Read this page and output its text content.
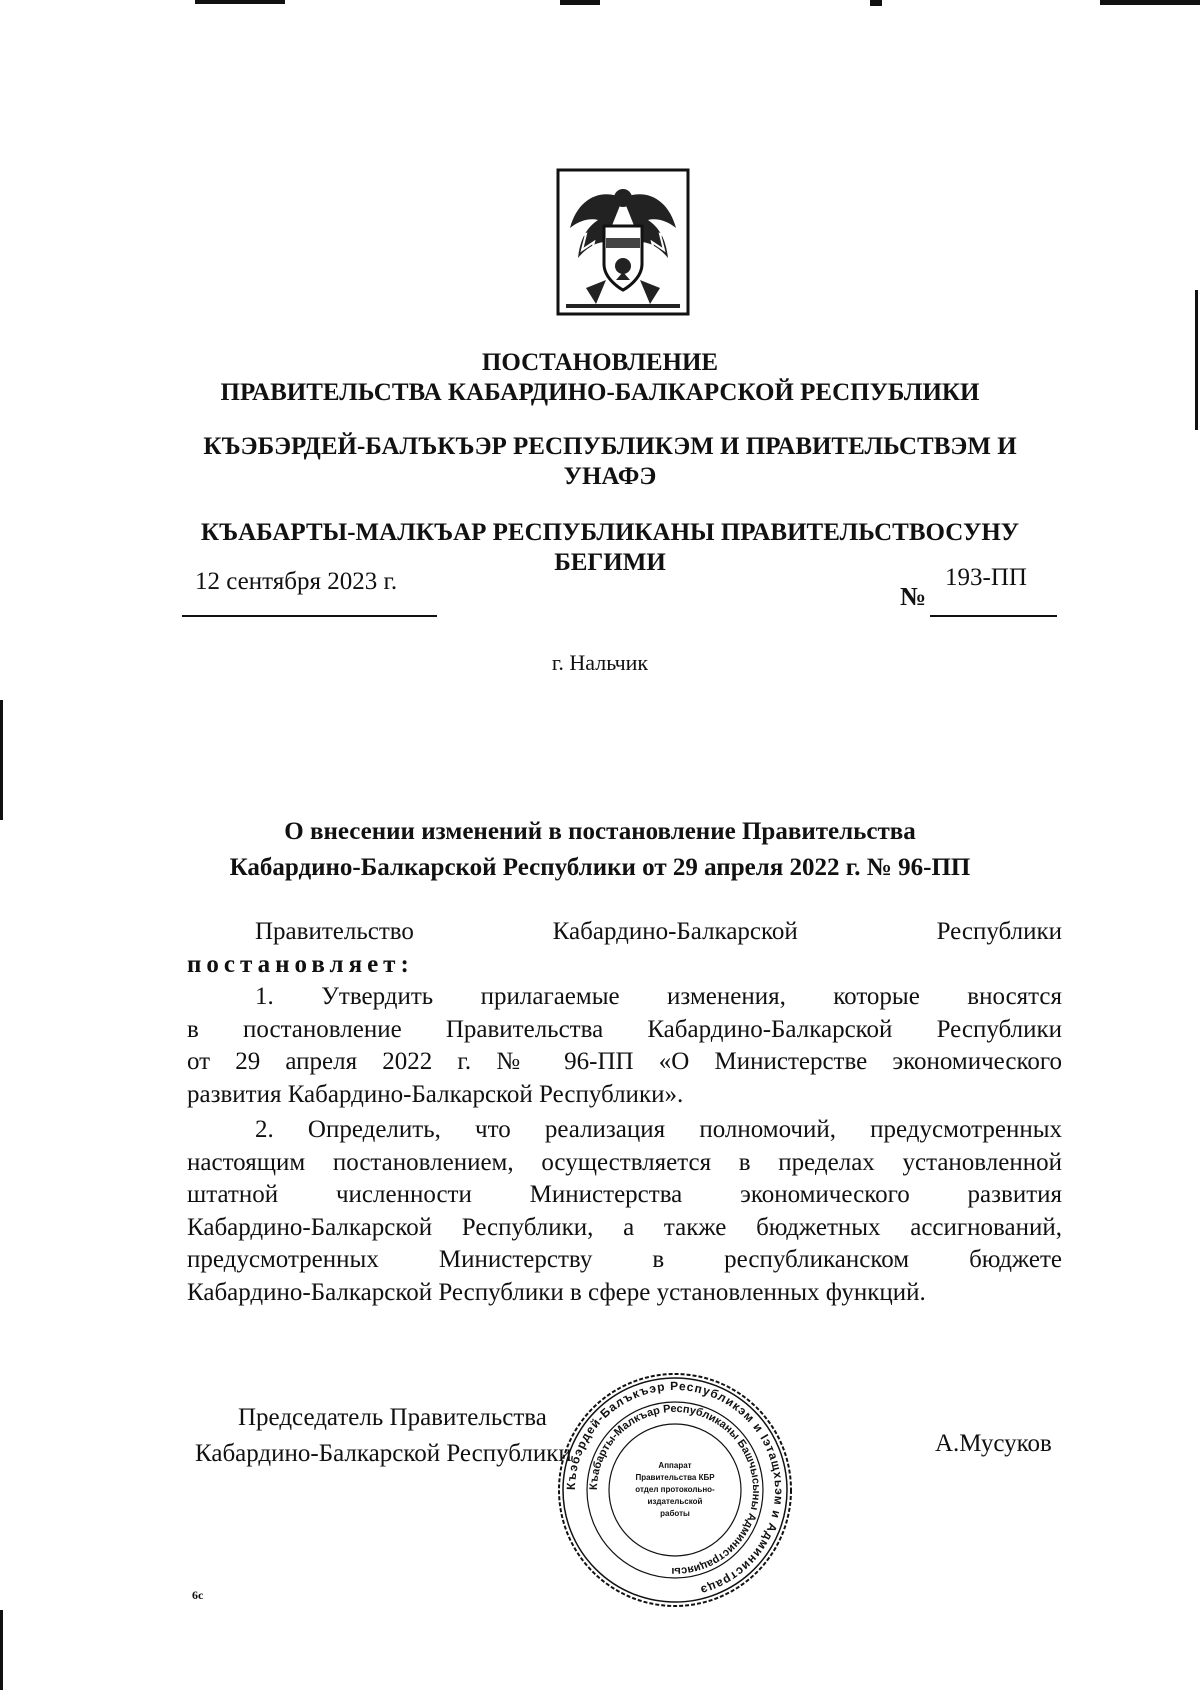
ПОСТАНОВЛЕНИЕ
ПРАВИТЕЛЬСТВА КАБАРДИНО-БАЛКАРСКОЙ РЕСПУБЛИКИ
КЪЭБЭРДЕЙ-БАЛЪКЪЭР РЕСПУБЛИКЭМ И ПРАВИТЕЛЬСТВЭМ И
УНАФЭ
КЪАБАРТЫ-МАЛКЪАР РЕСПУБЛИКАНЫ ПРАВИТЕЛЬСТВОСУНУ
БЕГИМИ
12 сентября 2023 г.
№
193-ПП
г. Нальчик
О внесении изменений в постановление Правительства
Кабардино-Балкарской Республики от 29 апреля 2022 г. № 96-ПП
Правительство Кабардино-Балкарской Республики
постановляет:
1. Утвердить прилагаемые изменения, которые вносятся
в постановление Правительства Кабардино-Балкарской Республики
от 29 апреля 2022 г. № 96-ПП «О Министерстве экономического
развития Кабардино-Балкарской Республики».
2. Определить, что реализация полномочий, предусмотренных
настоящим постановлением, осуществляется в пределах установленной
штатной численности Министерства экономического развития
Кабардино-Балкарской Республики, а также бюджетных ассигнований,
предусмотренных Министерству в республиканском бюджете
Кабардино-Балкарской Республики в сфере установленных функций.
Къэбэрдей-Балъкъэр Республикэм и Іэтащхьэм и Администрацэ
Къабарты-Малкъар Республиканы Башчысыны Администрациясы
Аппарат
Правительства КБР
отдел протокольно-
издательской
работы
Председатель Правительства
Кабардино-Балкарской Республики	А.Мусуков
6с
